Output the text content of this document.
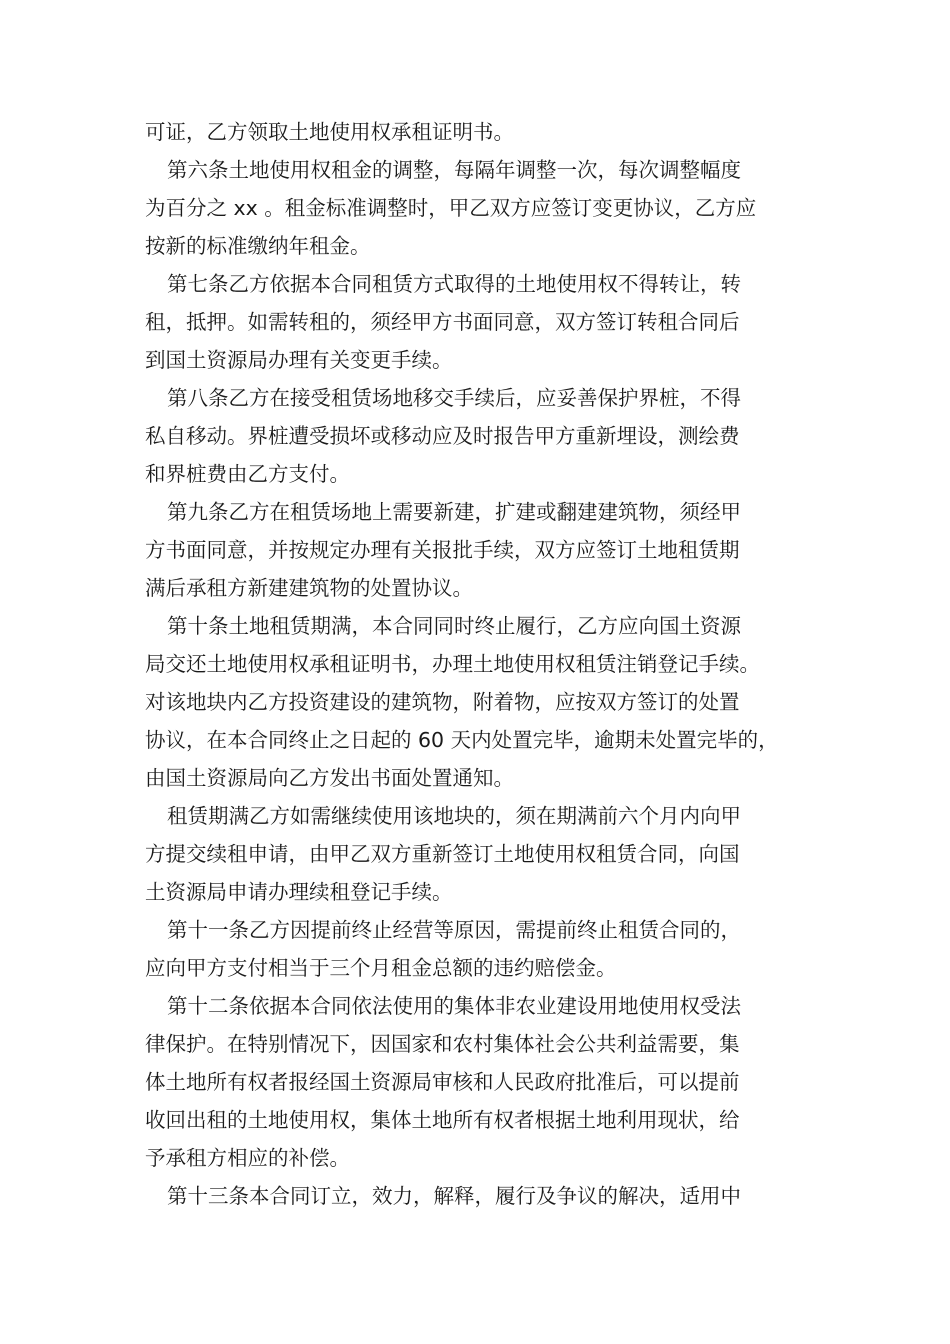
可证，乙方领取土地使用权承租证明书。
第六条土地使用权租金的调整，每隔年调整一次，每次调整幅度
为百分之 xx 。租金标准调整时，甲乙双方应签订变更协议，乙方应
按新的标准缴纳年租金。
第七条乙方依据本合同租赁方式取得的土地使用权不得转让，转
租，抵押。如需转租的，须经甲方书面同意，双方签订转租合同后
到国土资源局办理有关变更手续。
第八条乙方在接受租赁场地移交手续后，应妥善保护界桩，不得
私自移动。界桩遭受损坏或移动应及时报告甲方重新埋设，测绘费
和界桩费由乙方支付。
第九条乙方在租赁场地上需要新建，扩建或翻建建筑物，须经甲
方书面同意，并按规定办理有关报批手续，双方应签订土地租赁期
满后承租方新建建筑物的处置协议。
第十条土地租赁期满，本合同同时终止履行，乙方应向国土资源
局交还土地使用权承租证明书，办理土地使用权租赁注销登记手续。
对该地块内乙方投资建设的建筑物，附着物，应按双方签订的处置
协议，在本合同终止之日起的 60 天内处置完毕，逾期未处置完毕的，
由国土资源局向乙方发出书面处置通知。
租赁期满乙方如需继续使用该地块的，须在期满前六个月内向甲
方提交续租申请，由甲乙双方重新签订土地使用权租赁合同，向国
土资源局申请办理续租登记手续。
第十一条乙方因提前终止经营等原因，需提前终止租赁合同的，
应向甲方支付相当于三个月租金总额的违约赔偿金。
第十二条依据本合同依法使用的集体非农业建设用地使用权受法
律保护。在特别情况下，因国家和农村集体社会公共利益需要，集
体土地所有权者报经国土资源局审核和人民政府批准后，可以提前
收回出租的土地使用权，集体土地所有权者根据土地利用现状，给
予承租方相应的补偿。
第十三条本合同订立，效力，解释，履行及争议的解决，适用中
